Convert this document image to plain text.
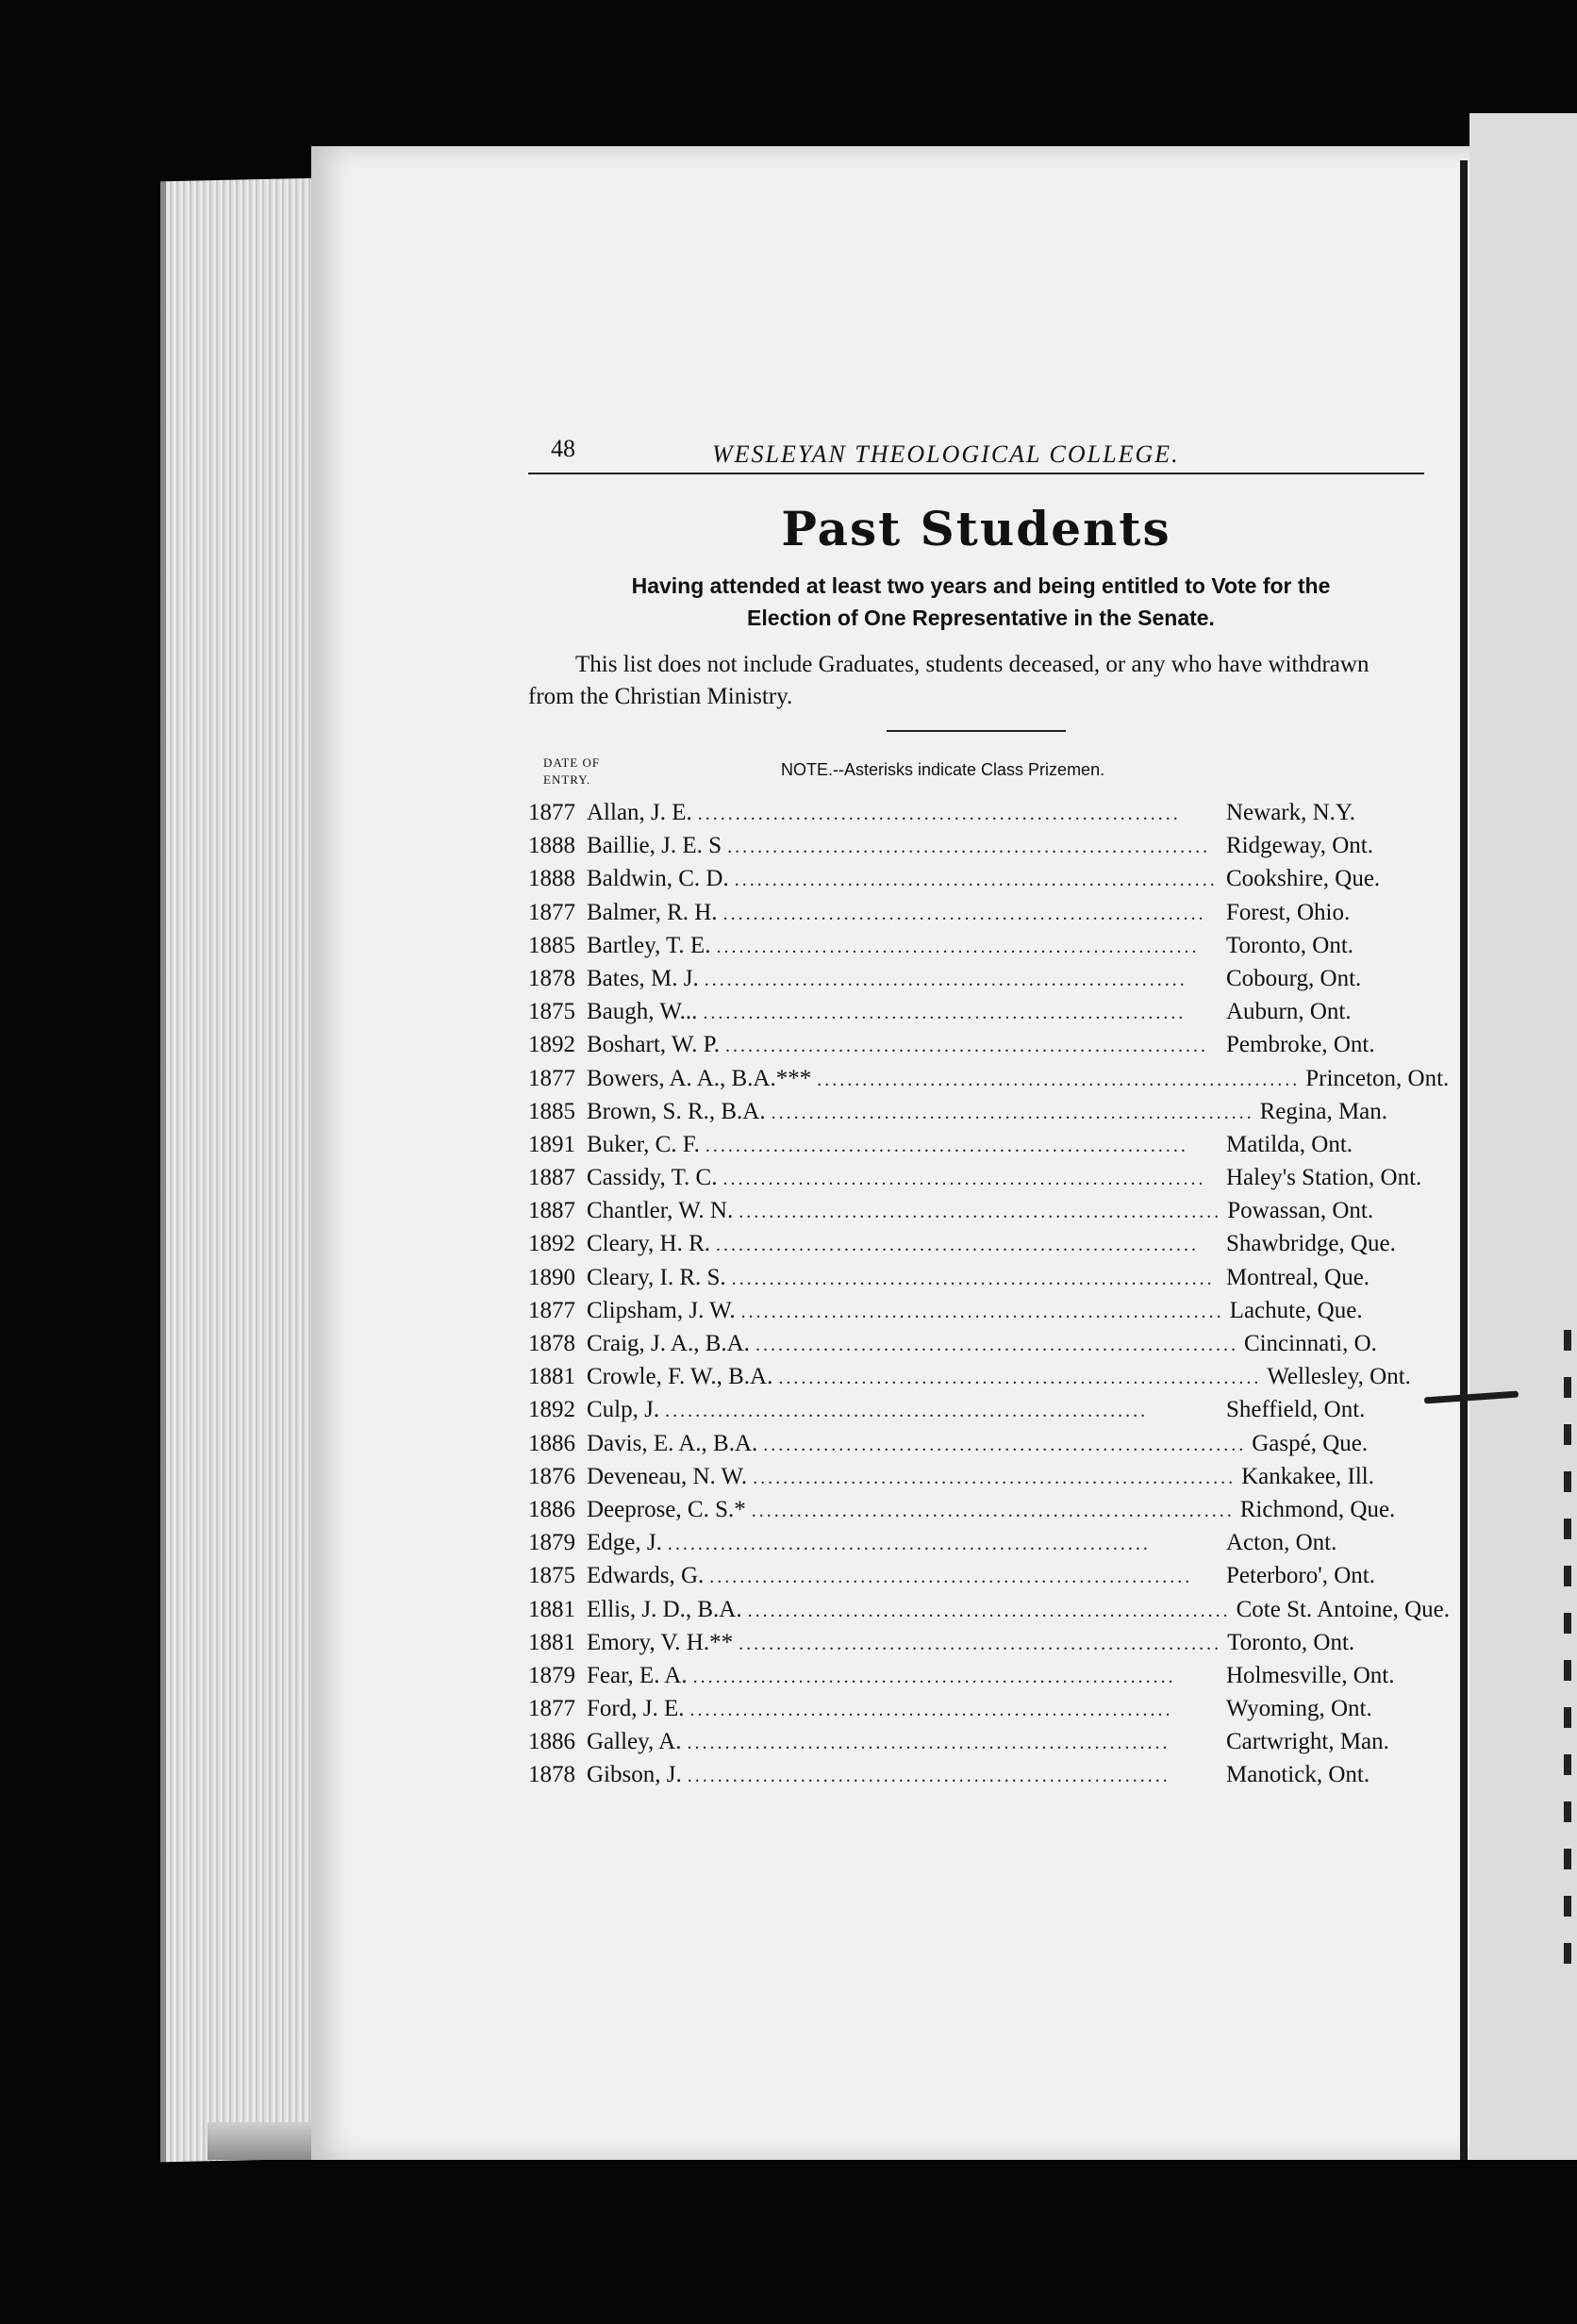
48	WESLEYAN THEOLOGICAL COLLEGE.
Past Students
Having attended at least two years and being entitled to Vote for the
Election of One Representative in the Senate.
This list does not include Graduates, students deceased, or any who have withdrawn from the Christian Ministry.
DATE OF
ENTRY.
NOTE.--Asterisks indicate Class Prizemen.
1877 Allan, J. E. ................................................................	Newark, N.Y.
1888 Baillie, J. E. S ................................................................ Ridgeway, Ont.
1888 Baldwin, C. D. ................................................................ Cookshire, Que.
1877 Balmer, R. H. ................................................................ Forest, Ohio.
1885 Bartley, T. E. ................................................................	Toronto, Ont.
1878 Bates, M. J. ................................................................	Cobourg, Ont.
1875 Baugh, W... ................................................................	Auburn, Ont.
1892 Boshart, W. P. ................................................................ Pembroke, Ont.
1877 Bowers, A. A., B.A.*** ................................................................ Princeton, Ont.
1885 Brown, S. R., B.A. ................................................................ Regina, Man.
1891 Buker, C. F. ................................................................	Matilda, Ont.
1887 Cassidy, T. C. ................................................................ Haley's Station, Ont.
1887 Chantler, W. N. ................................................................ Powassan, Ont.
1892 Cleary, H. R. ................................................................	Shawbridge, Que.
1890 Cleary, I. R. S. ................................................................ Montreal, Que.
1877 Clipsham, J. W. ................................................................ Lachute, Que.
1878 Craig, J. A., B.A. ................................................................ Cincinnati, O.
1881 Crowle, F. W., B.A. ................................................................ Wellesley, Ont.
1892 Culp, J. ................................................................	Sheffield, Ont.
1886 Davis, E. A., B.A. ................................................................ Gaspé, Que.
1876 Deveneau, N. W. ................................................................ Kankakee, Ill.
1886 Deeprose, C. S.* ................................................................ Richmond, Que.
1879 Edge, J. ................................................................	Acton, Ont.
1875 Edwards, G. ................................................................	Peterboro', Ont.
1881 Ellis, J. D., B.A. ................................................................ Cote St. Antoine, Que.
1881 Emory, V. H.** ................................................................ Toronto, Ont.
1879 Fear, E. A. ................................................................	Holmesville, Ont.
1877 Ford, J. E. ................................................................	Wyoming, Ont.
1886 Galley, A. ................................................................	Cartwright, Man.
1878 Gibson, J. ................................................................	Manotick, Ont.
